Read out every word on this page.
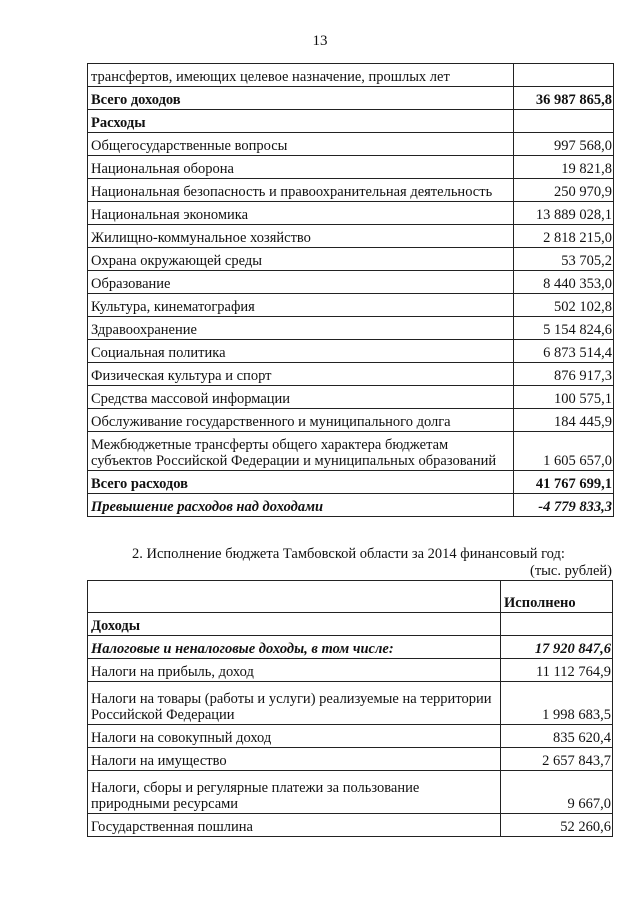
13
трансфертов, имеющих целевое назначение, прошлых лет	
Всего доходов	36 987 865,8
Расходы	
Общегосударственные вопросы	997 568,0
Национальная оборона	19 821,8
Национальная безопасность и правоохранительная деятельность	250 970,9
Национальная экономика	13 889 028,1
Жилищно-коммунальное хозяйство	2 818 215,0
Охрана окружающей среды	53 705,2
Образование	8 440 353,0
Культура, кинематография	502 102,8
Здравоохранение	5 154 824,6
Социальная политика	6 873 514,4
Физическая культура и спорт	876 917,3
Средства массовой информации	100 575,1
Обслуживание государственного и муниципального долга	184 445,9
Межбюджетные трансферты общего характера бюджетам субъектов Российской Федерации и муниципальных образований	1 605 657,0
Всего расходов	41 767 699,1
Превышение расходов над доходами	-4 779 833,3
2. Исполнение бюджета Тамбовской области за 2014 финансовый год:
(тыс. рублей)
	Исполнено
Доходы	
Налоговые и неналоговые доходы, в том числе:	17 920 847,6
Налоги на прибыль, доход	11 112 764,9
Налоги на товары (работы и услуги) реализуемые на территории Российской Федерации	1 998 683,5
Налоги на совокупный доход	835 620,4
Налоги на имущество	2 657 843,7
Налоги, сборы и регулярные платежи за пользование природными ресурсами	9 667,0
Государственная пошлина	52 260,6
